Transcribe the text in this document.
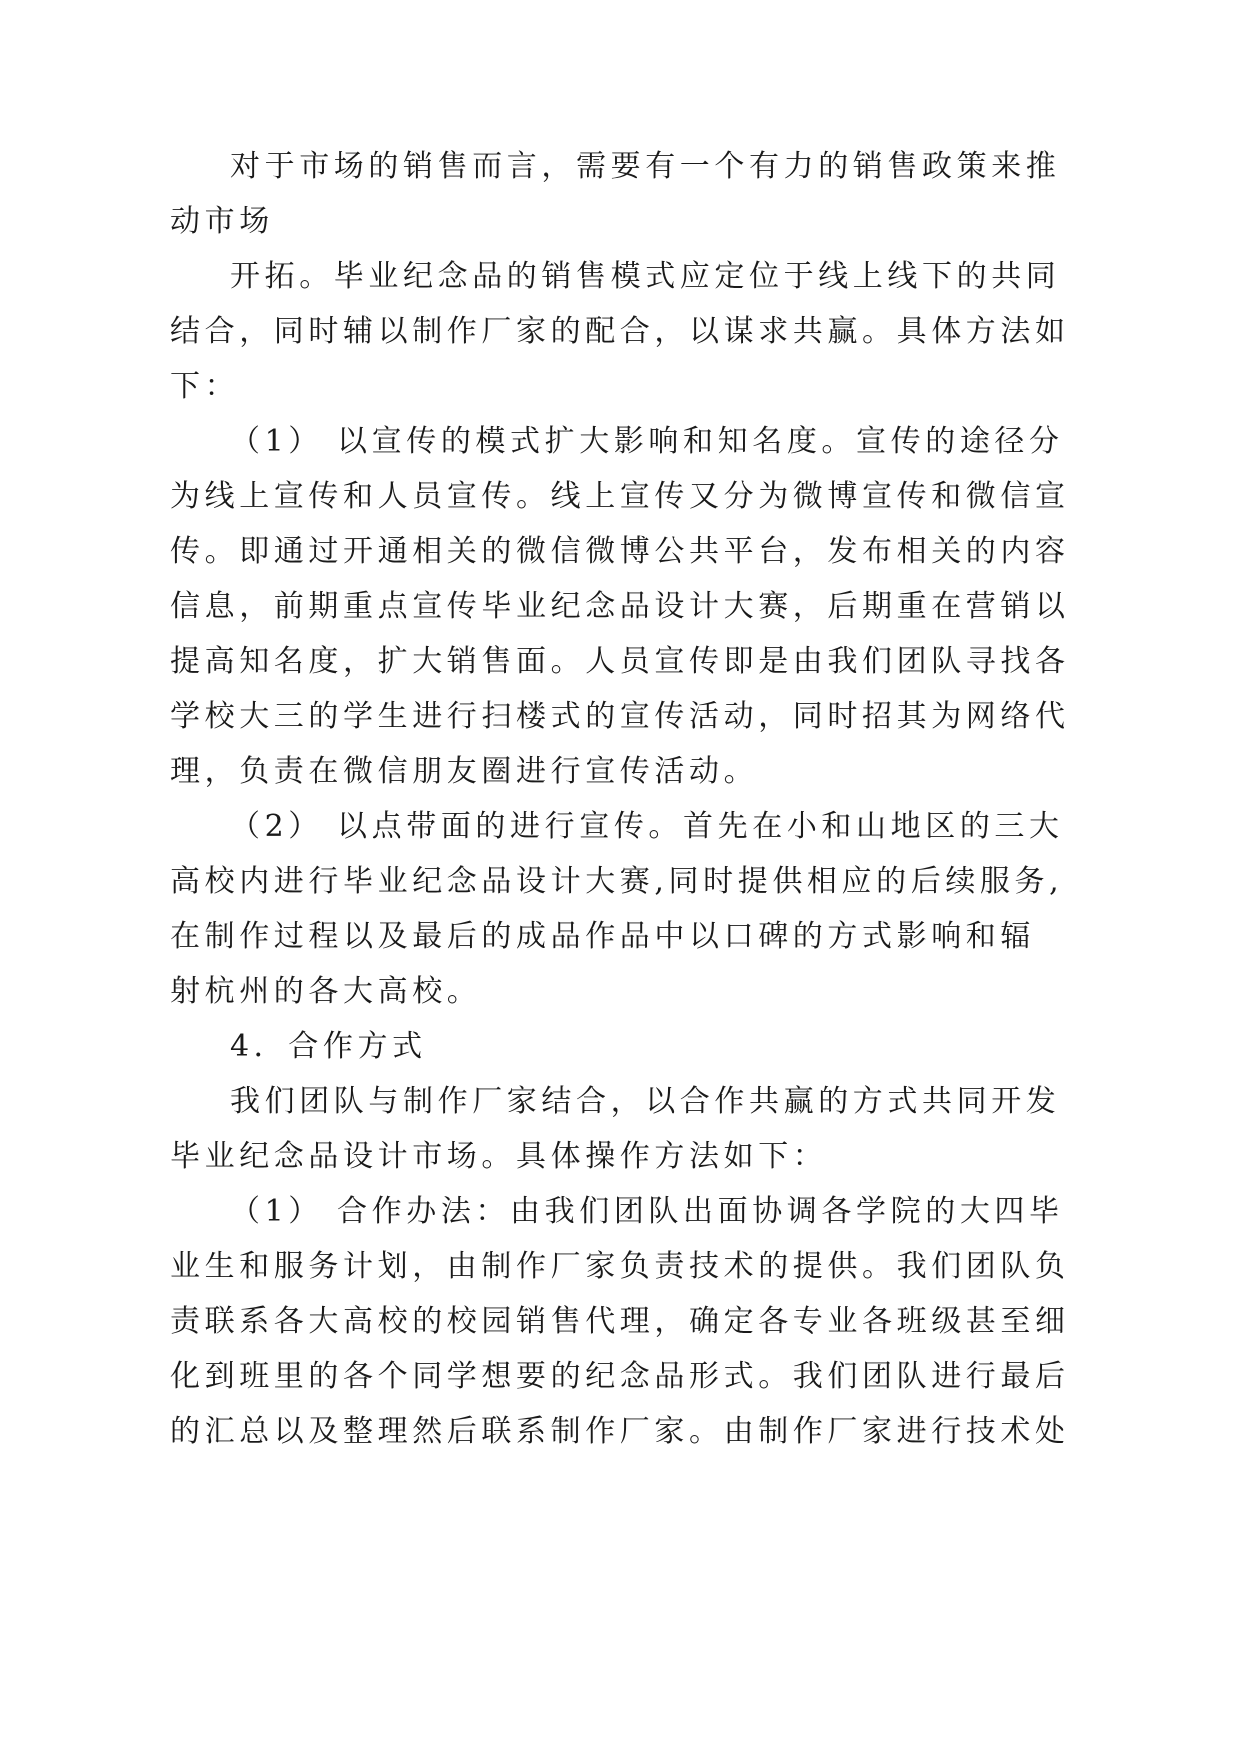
对于市场的销售而言，需要有一个有力的销售政策来推
动市场
开拓。毕业纪念品的销售模式应定位于线上线下的共同
结合，同时辅以制作厂家的配合，以谋求共赢。具体方法如
下：
（1） 以宣传的模式扩大影响和知名度。宣传的途径分
为线上宣传和人员宣传。线上宣传又分为微博宣传和微信宣
传。即通过开通相关的微信微博公共平台，发布相关的内容
信息，前期重点宣传毕业纪念品设计大赛，后期重在营销以
提高知名度，扩大销售面。人员宣传即是由我们团队寻找各
学校大三的学生进行扫楼式的宣传活动，同时招其为网络代
理，负责在微信朋友圈进行宣传活动。
（2） 以点带面的进行宣传。首先在小和山地区的三大
高校内进行毕业纪念品设计大赛,同时提供相应的后续服务,
在制作过程以及最后的成品作品中以口碑的方式影响和辐
射杭州的各大高校。
4．合作方式
我们团队与制作厂家结合，以合作共赢的方式共同开发
毕业纪念品设计市场。具体操作方法如下：
（1） 合作办法：由我们团队出面协调各学院的大四毕
业生和服务计划，由制作厂家负责技术的提供。我们团队负
责联系各大高校的校园销售代理，确定各专业各班级甚至细
化到班里的各个同学想要的纪念品形式。我们团队进行最后
的汇总以及整理然后联系制作厂家。由制作厂家进行技术处
